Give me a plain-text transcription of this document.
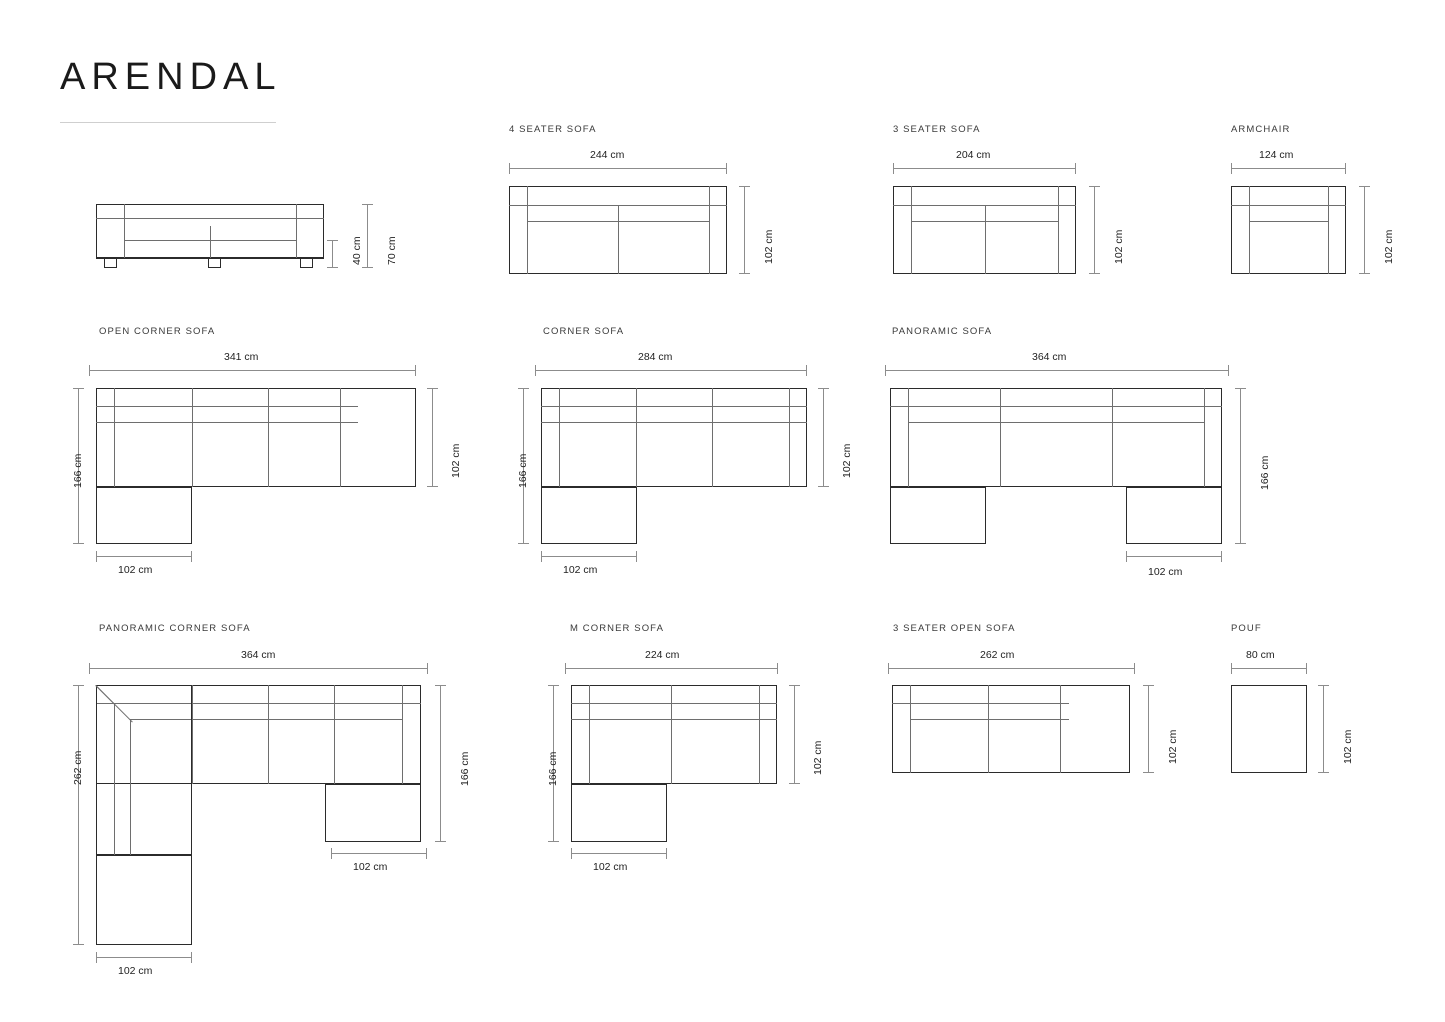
ARENDAL
40 cm 70 cm
4 SEATER SOFA
244 cm
102 cm
3 SEATER SOFA
204 cm
102 cm
ARMCHAIR
124 cm
102 cm
OPEN CORNER SOFA
341 cm
166 cm	102 cm
102 cm
CORNER SOFA
284 cm
166 cm	102 cm
102 cm
PANORAMIC SOFA
364 cm
166 cm
102 cm
PANORAMIC CORNER SOFA
364 cm
262 cm	166 cm
102 cm
102 cm
M CORNER SOFA
224 cm
166 cm	102 cm
102 cm
3 SEATER OPEN SOFA
262 cm
102 cm
POUF
80 cm
102 cm
